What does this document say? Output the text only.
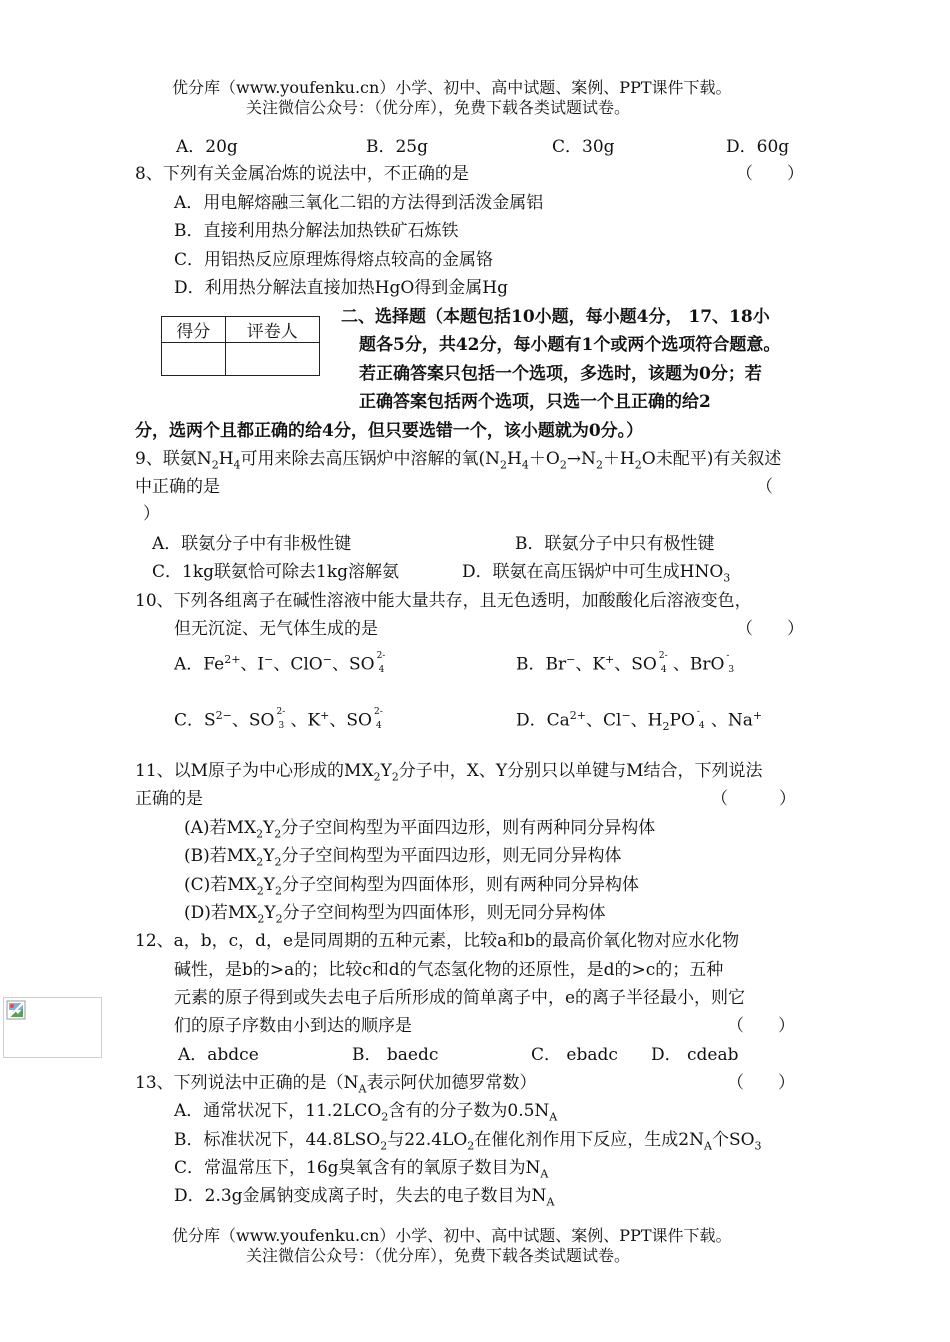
优分库（www.youfenku.cn）小学、初中、高中试题、案例、PPT课件下载。
关注微信公众号：（优分库），免费下载各类试题试卷。
A．20g	B．25g	C．30g	D．60g
8、下列有关金属冶炼的说法中，不正确的是	（　　）
A．用电解熔融三氧化二铝的方法得到活泼金属铝
B．直接利用热分解法加热铁矿石炼铁
C．用铝热反应原理炼得熔点较高的金属铬
D．利用热分解法直接加热HgO得到金属Hg
得分	评卷人

二、选择题（本题包括10小题，每小题4分， 17、18小
题各5分，共42分，每小题有1个或两个选项符合题意。
若正确答案只包括一个选项，多选时，该题为0分；若
正确答案包括两个选项，只选一个且正确的给2
分，选两个且都正确的给4分，但只要选错一个，该小题就为0分。）
9、联氨$N_2H_4$可用来除去高压锅炉中溶解的氧($N_2H_4+O_2\to N_2+H_2O$未配平)有关叙述
中正确的是	（
）
A．联氨分子中有非极性键	B．联氨分子中只有极性键
C．1kg联氨恰可除去1kg溶解氨	D．联氨在高压锅炉中可生成$HNO_3$
10、下列各组离子在碱性溶液中能大量共存，且无色透明，加酸酸化后溶液变色，
但无沉淀、无气体生成的是	（　　）
A．$Fe^{2+}$、I−、ClO−、SO 2-
4	B．Br−、K+、SO 2-
4 、BrO -
3
C．$S^{2-}$、SO 2-
3 、K+、SO 2-
4	D．$Ca^{2+}$、Cl−、$H_2PO$ -
4 、Na+
11、以M原子为中心形成的$MX_2Y_2$分子中，X、Y分别只以单键与M结合，下列说法
正确的是	（　　　）
(A)若$MX_2Y_2$分子空间构型为平面四边形，则有两种同分异构体
(B)若$MX_2Y_2$分子空间构型为平面四边形，则无同分异构体
(C)若$MX_2Y_2$分子空间构型为四面体形，则有两种同分异构体
(D)若$MX_2Y_2$分子空间构型为四面体形，则无同分异构体
12、a，b，c，d，e是同周期的五种元素，比较a和b的最高价氧化物对应水化物
碱性，是b的>a的；比较c和d的气态氢化物的还原性，是d的>c的；五种
元素的原子得到或失去电子后所形成的简单离子中，e的离子半径最小，则它
们的原子序数由小到达的顺序是	（　　）
A．abdce	B． baedc	C． ebadc D． cdeab
13、下列说法中正确的是（$N_A$表示阿伏加德罗常数）	（　　）
A．通常状况下，$11.2LCO_2$含有的分子数为$0.5N_A$
B．标准状况下，$44.8LSO_2$与$22.4LO_2$在催化剂作用下反应，生成$2N_A$个$SO_3$
C．常温常压下，16g臭氧含有的氧原子数目为$N_A$
D．2.3g金属钠变成离子时，失去的电子数目为$N_A$
优分库（www.youfenku.cn）小学、初中、高中试题、案例、PPT课件下载。
关注微信公众号：（优分库），免费下载各类试题试卷。
